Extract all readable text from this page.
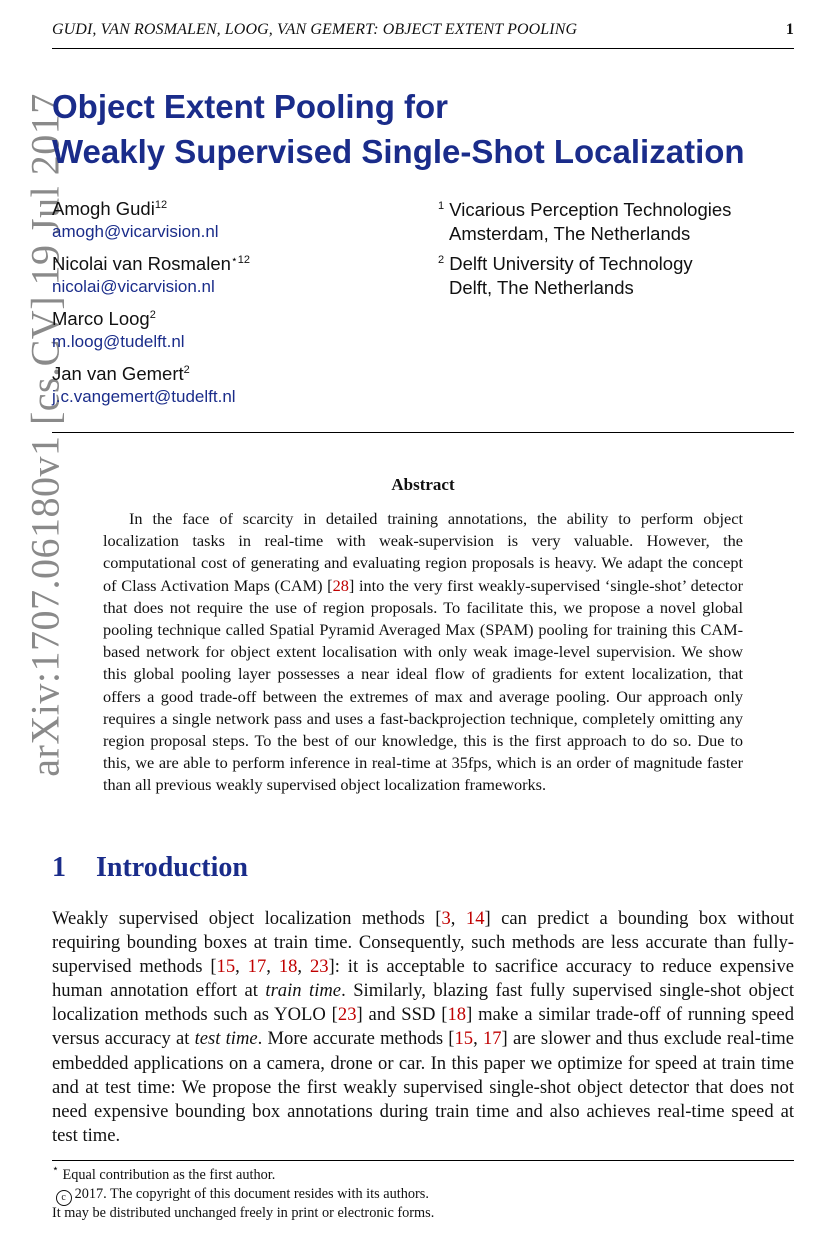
GUDI, VAN ROSMALEN, LOOG, VAN GEMERT: OBJECT EXTENT POOLING	1
arXiv:1707.06180v1 [cs.CV] 19 Jul 2017
Object Extent Pooling for
Weakly Supervised Single-Shot Localization
Amogh Gudi$^{12}$
amogh@vicarvision.nl
Nicolai van Rosmalen$^{⋆12}$
nicolai@vicarvision.nl
Marco Loog$^2$
m.loog@tudelft.nl
Jan van Gemert$^2$
j.c.vangemert@tudelft.nl
$^1$ Vicarious Perception Technologies
Amsterdam, The Netherlands
$^2$ Delft University of Technology
Delft, The Netherlands
Abstract
In the face of scarcity in detailed training annotations, the ability to perform object localization tasks in real-time with weak-supervision is very valuable. However, the computational cost of generating and evaluating region proposals is heavy. We adapt the concept of Class Activation Maps (CAM) [28] into the very first weakly-supervised ‘single-shot’ detector that does not require the use of region proposals. To facilitate this, we propose a novel global pooling technique called Spatial Pyramid Averaged Max (SPAM) pooling for training this CAM-based network for object extent localisation with only weak image-level supervision. We show this global pooling layer possesses a near ideal flow of gradients for extent localization, that offers a good trade-off between the extremes of max and average pooling. Our approach only requires a single network pass and uses a fast-backprojection technique, completely omitting any region proposal steps. To the best of our knowledge, this is the first approach to do so. Due to this, we are able to perform inference in real-time at 35fps, which is an order of magnitude faster than all previous weakly supervised object localization frameworks.
1 Introduction
Weakly supervised object localization methods [3, 14] can predict a bounding box without requiring bounding boxes at train time. Consequently, such methods are less accurate than fully-supervised methods [15, 17, 18, 23]: it is acceptable to sacrifice accuracy to reduce expensive human annotation effort at train time. Similarly, blazing fast fully supervised single-shot object localization methods such as YOLO [23] and SSD [18] make a similar trade-off of running speed versus accuracy at test time. More accurate methods [15, 17] are slower and thus exclude real-time embedded applications on a camera, drone or car. In this paper we optimize for speed at train time and at test time: We propose the first weakly supervised single-shot object detector that does not need expensive bounding box annotations during train time and also achieves real-time speed at test time.
⋆ Equal contribution as the first author.
c 2017. The copyright of this document resides with its authors.
It may be distributed unchanged freely in print or electronic forms.
